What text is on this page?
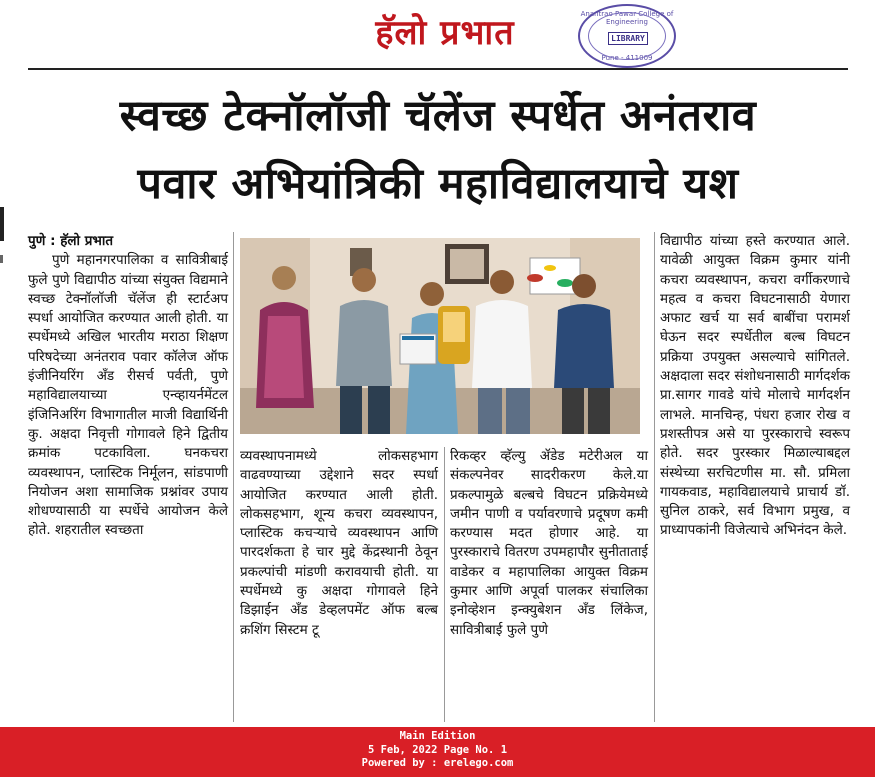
हॅलो प्रभात	Anantrao Pawar College of Engineering
LIBRARY
Pune - 411009
स्वच्छ टेक्नॉलॉजी चॅलेंज स्पर्धेत अनंतराव
पवार अभियांत्रिकी महाविद्यालयाचे यश

पुणे : हॅलो प्रभात

पुणे महानगरपालिका व सावित्रीबाई फुले पुणे विद्यापीठ यांच्या संयुक्त विद्यमाने स्वच्छ टेक्नॉलॉजी चॅलेंज ही स्टार्टअप स्पर्धा आयोजित करण्यात आली होती. या स्पर्धेमध्ये अखिल भारतीय मराठा शिक्षण परिषदेच्या अनंतराव पवार कॉलेज ऑफ इंजीनियरिंग अँड रीसर्च पर्वती, पुणे महाविद्यालयाच्या एन्व्हायर्नमेंटल इंजिनिअरिंग विभागातील माजी विद्यार्थिनी कु. अक्षदा निवृत्ती गोगावले हिने द्वितीय क्रमांक पटकाविला. घनकचरा व्यवस्थापन, प्लास्टिक निर्मूलन, सांडपाणी नियोजन अशा सामाजिक प्रश्नांवर उपाय शोधण्यासाठी या स्पर्धेचे आयोजन केले होते. शहरातील स्वच्छता

व्यवस्थापनामध्ये लोकसहभाग वाढवण्याच्या उद्देशाने सदर स्पर्धा आयोजित करण्यात आली होती. लोकसहभाग, शून्य कचरा व्यवस्थापन, प्लास्टिक कचऱ्याचे व्यवस्थापन आणि पारदर्शकता हे चार मुद्दे केंद्रस्थानी ठेवून प्रकल्पांची मांडणी करावयाची होती. या स्पर्धेमध्ये कु अक्षदा गोगावले हिने डिझाईन अँड डेव्हलपमेंट ऑफ बल्ब क्रशिंग सिस्टम टू

रिकव्हर व्हॅल्यु ॲडेड मटेरीअल या संकल्पनेवर सादरीकरण केले.या प्रकल्पामुळे बल्बचे विघटन प्रक्रियेमध्ये जमीन पाणी व पर्यावरणाचे प्रदूषण कमी करण्यास मदत होणार आहे. या पुरस्काराचे वितरण उपमहापौर सुनीताताई वाडेकर व महापालिका आयुक्त विक्रम कुमार आणि अपूर्वा पालकर संचालिका इनोव्हेशन इन्क्युबेशन ॲंड लिंकेज, सावित्रीबाई फुले पुणे

विद्यापीठ यांच्या हस्ते करण्यात आले. यावेळी आयुक्त विक्रम कुमार यांनी कचरा व्यवस्थापन, कचरा वर्गीकरणाचे महत्व व कचरा विघटनासाठी येणारा अफाट खर्च या सर्व बाबींचा परामर्श घेऊन सदर स्पर्धेतील बल्ब विघटन प्रक्रिया उपयुक्त असल्याचे सांगितले. अक्षदाला सदर संशोधनासाठी मार्गदर्शक प्रा.सागर गावडे यांचे मोलाचे मार्गदर्शन लाभले. मानचिन्ह, पंधरा हजार रोख व प्रशस्तीपत्र असे या पुरस्काराचे स्वरूप होते. सदर पुरस्कार मिळाल्याबद्दल संस्थेच्या सरचिटणीस मा. सौ. प्रमिला गायकवाड, महाविद्यालयाचे प्राचार्य डॉ. सुनिल ठाकरे, सर्व विभाग प्रमुख, व प्राध्यापकांनी विजेत्याचे अभिनंदन केले.

Main Edition
5 Feb, 2022 Page No. 1
Powered by : erelego.com
